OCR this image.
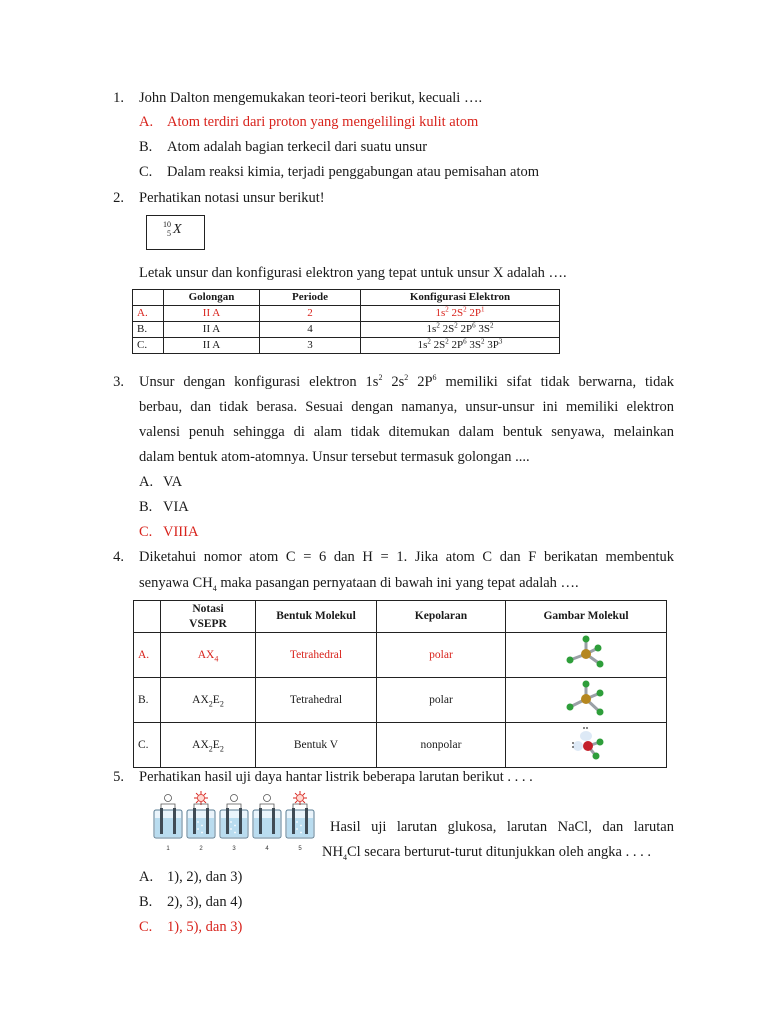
1. John Dalton mengemukakan teori-teori berikut, kecuali ….
A. Atom terdiri dari proton yang mengelilingi kulit atom
B. Atom adalah bagian terkecil dari suatu unsur
C. Dalam reaksi kimia, terjadi penggabungan atau pemisahan atom
2. Perhatikan notasi unsur berikut!
10
5 X
Letak unsur dan konfigurasi elektron yang tepat untuk unsur X adalah ….
	Golongan	Periode	Konfigurasi Elektron
A.	II A	2	$1s^2$ $2S^2$ $2P^1$
B.	II A	4	$1s^2$ $2S^2$ $2P^6$ $3S^2$
C.	II A	3	$1s^2$ $2S^2$ $2P^6$ $3S^2$ $3P^3$
3. Unsur dengan konfigurasi elektron $1s^2$ $2s^2$ $2P^6$ memiliki sifat tidak berwarna, tidak
berbau, dan tidak berasa. Sesuai dengan namanya, unsur-unsur ini memiliki elektron
valensi penuh sehingga di alam tidak ditemukan dalam bentuk senyawa, melainkan
dalam bentuk atom-atomnya. Unsur tersebut termasuk golongan ....
A. VA
B. VIA
C. VIIIA
4. Diketahui nomor atom C = 6 dan H = 1. Jika atom C dan F berikatan membentuk
senyawa $CH_4$ maka pasangan pernyataan di bawah ini yang tepat adalah ….
	Notasi
VSEPR	Bentuk Molekul	Kepolaran	Gambar Molekul
A.	$AX_4$	Tetrahedral	polar	
B.	$AX_2E_2$	Tetrahedral	polar	
C.	$AX_2E_2$	Bentuk V	nonpolar	
5. Perhatikan hasil uji daya hantar listrik beberapa larutan berikut . . . .
1	2	3	4	5
Hasil uji larutan glukosa, larutan NaCl, dan larutan
$NH_4Cl$ secara berturut-turut ditunjukkan oleh angka . . . .
A. 1), 2), dan 3)
B. 2), 3), dan 4)
C. 1), 5), dan 3)
